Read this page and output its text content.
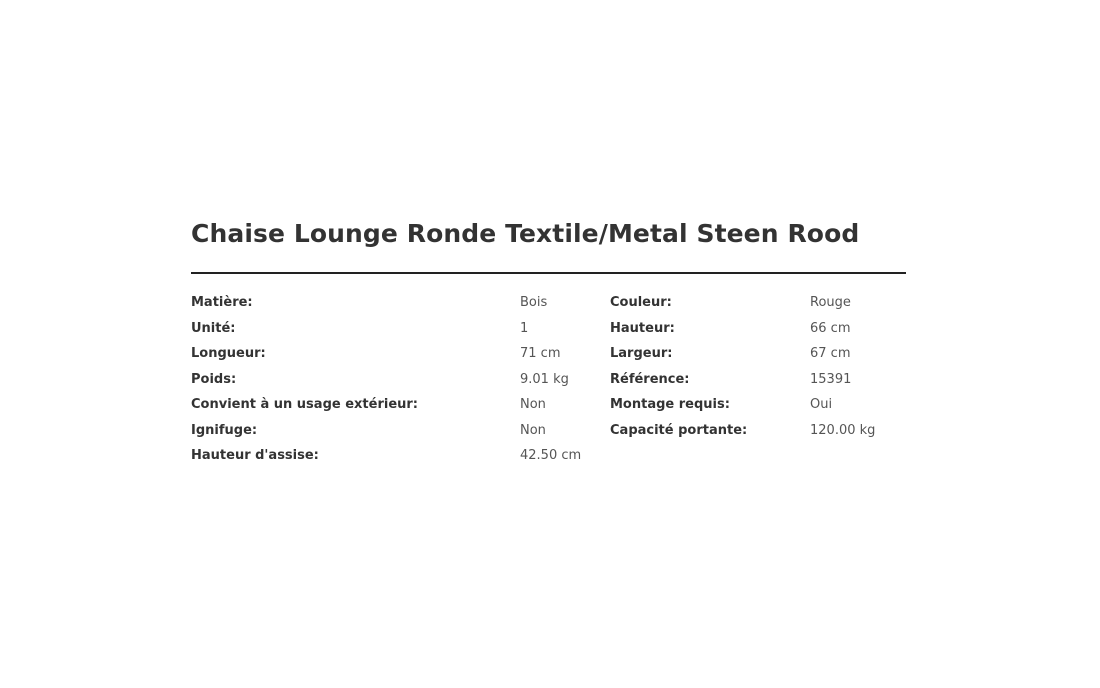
Chaise Lounge Ronde Textile/Metal Steen Rood
Matière:	Bois	Couleur:	Rouge
Unité:	1	Hauteur:	66 cm
Longueur:	71 cm	Largeur:	67 cm
Poids:	9.01 kg	Référence:	15391
Convient à un usage extérieur:	Non	Montage requis:	Oui
Ignifuge:	Non	Capacité portante:	120.00 kg
Hauteur d'assise:	42.50 cm
